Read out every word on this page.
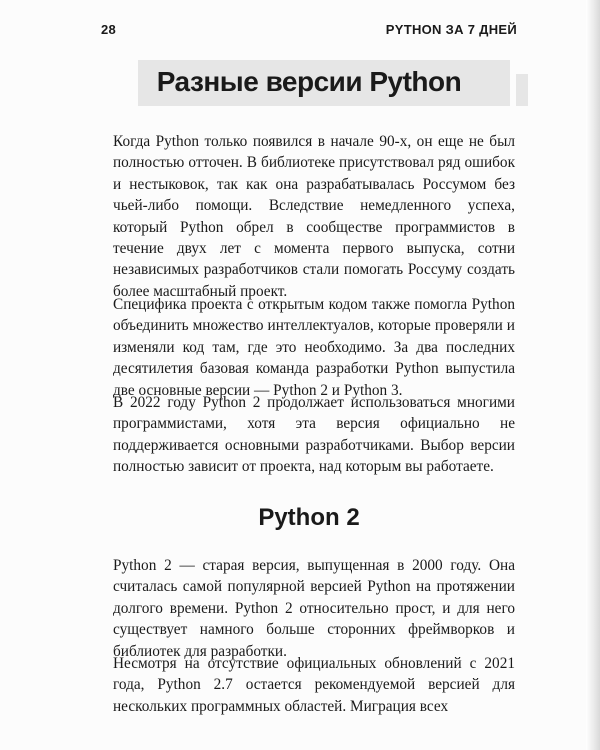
28	PYTHON ЗА 7 ДНЕЙ
Разные версии Python

Когда Python только появился в начале 90-х, он еще не был полностью отточен. В библиотеке присутствовал ряд ошибок и нестыковок, так как она разрабатывалась Россумом без чьей-либо помощи. Вследствие немедленного успеха, который Python обрел в сообществе программистов в течение двух лет с момента первого выпуска, сотни независимых разработчиков стали помогать Россуму создать более масштабный проект.

Специфика проекта с открытым кодом также помогла Python объединить множество интеллектуалов, которые проверяли и изменяли код там, где это необходимо. За два последних десятилетия базовая команда разработки Python выпустила две основные версии — Python 2 и Python 3.

В 2022 году Python 2 продолжает использоваться многими программистами, хотя эта версия официально не поддерживается основными разработчиками. Выбор версии полностью зависит от проекта, над которым вы работаете.

Python 2

Python 2 — старая версия, выпущенная в 2000 году. Она считалась самой популярной версией Python на протяжении долгого времени. Python 2 относительно прост, и для него существует намного больше сторонних фреймворков и библиотек для разработки.

Несмотря на отсутствие официальных обновлений с 2021 года, Python 2.7 остается рекомендуемой версией для нескольких программных областей. Миграция всех
